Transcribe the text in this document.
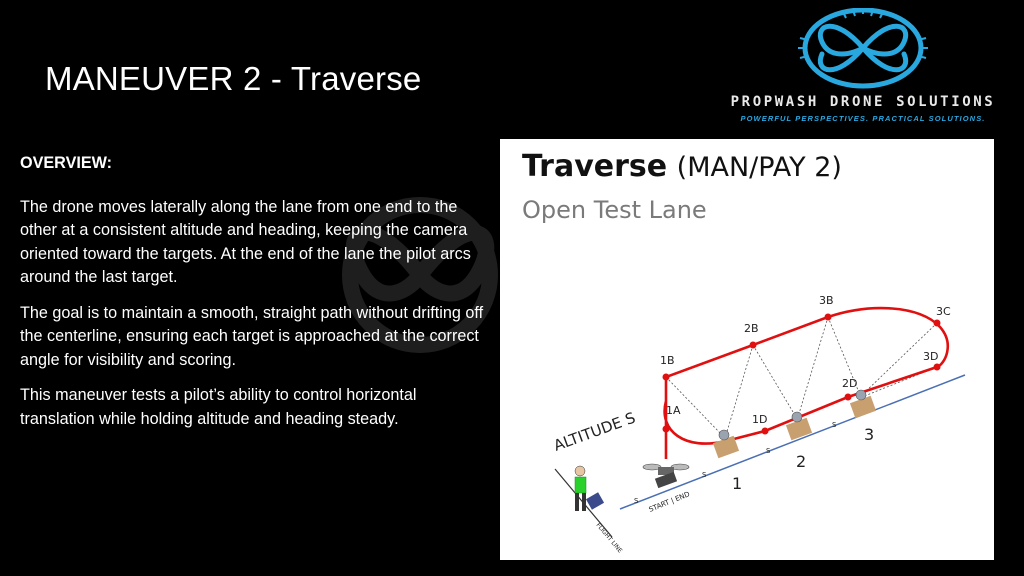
MANEUVER 2 - Traverse
PROPWASH DRONE SOLUTIONS
POWERFUL PERSPECTIVES. PRACTICAL SOLUTIONS.
OVERVIEW:

The drone moves laterally along the lane from one end to the other at a consistent altitude and heading, keeping the camera oriented toward the targets. At the end of the lane the pilot arcs around the last target.

The goal is to maintain a smooth, straight path without drifting off the centerline, ensuring each target is approached at the correct angle for visibility and scoring.

This maneuver tests a pilot’s ability to control horizontal translation while holding altitude and heading steady.

Traverse (MAN/PAY 2)
Open Test Lane
1A
1B
2B
3B
3C
3D
2D
1D
1
2
3
S
S
S
S
ALTITUDE S
START | END
FLIGHT LINE
